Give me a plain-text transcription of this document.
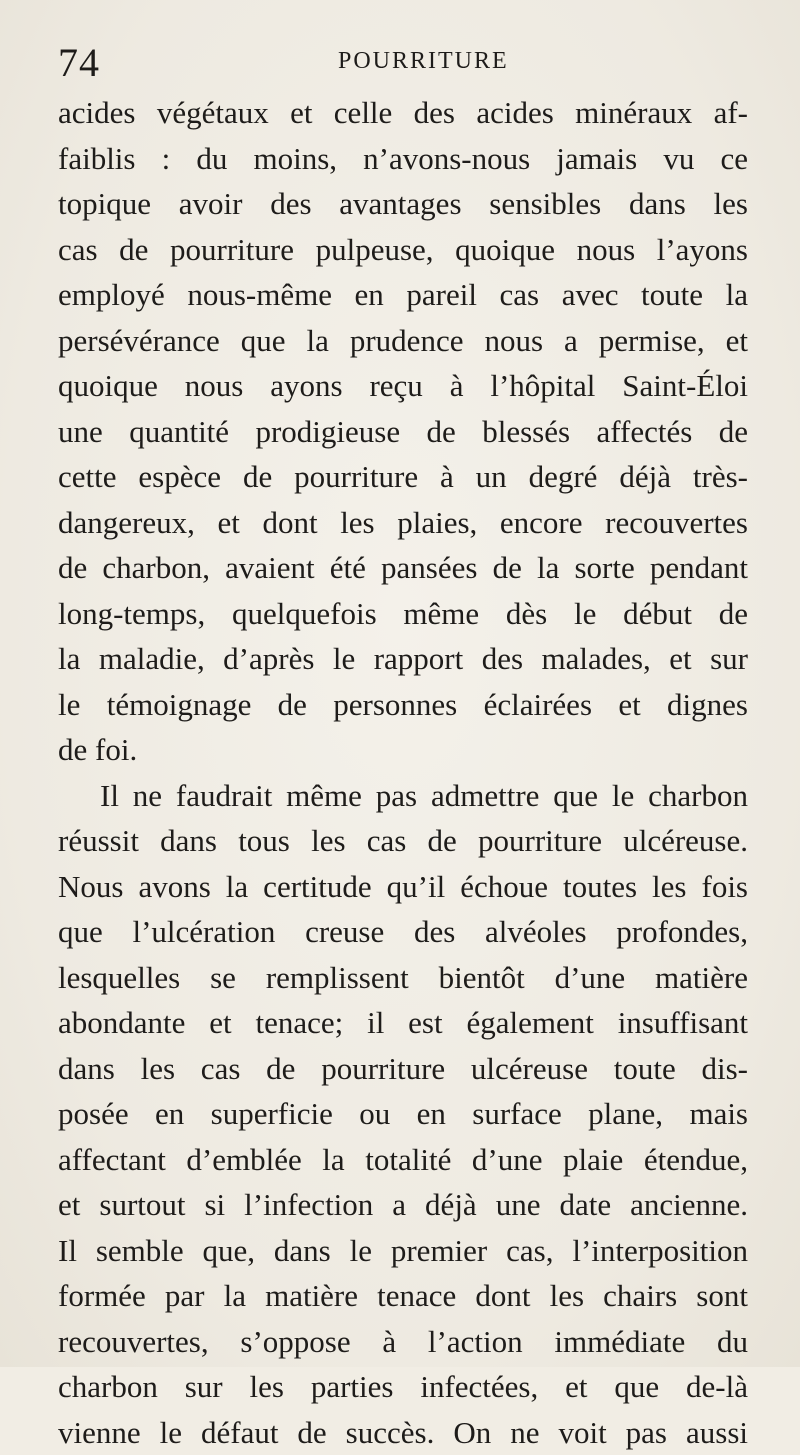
74	POURRITURE
acides végétaux et celle des acides minéraux af-
faiblis : du moins, n’avons-nous jamais vu ce
topique avoir des avantages sensibles dans les
cas de pourriture pulpeuse, quoique nous l’ayons
employé nous-même en pareil cas avec toute la
persévérance que la prudence nous a permise, et
quoique nous ayons reçu à l’hôpital Saint-Éloi
une quantité prodigieuse de blessés affectés de
cette espèce de pourriture à un degré déjà très-
dangereux, et dont les plaies, encore recouvertes
de charbon, avaient été pansées de la sorte pendant
long-temps, quelquefois même dès le début de
la maladie, d’après le rapport des malades, et sur
le témoignage de personnes éclairées et dignes
de foi.
Il ne faudrait même pas admettre que le charbon
réussit dans tous les cas de pourriture ulcéreuse.
Nous avons la certitude qu’il échoue toutes les fois
que l’ulcération creuse des alvéoles profondes,
lesquelles se remplissent bientôt d’une matière
abondante et tenace; il est également insuffisant
dans les cas de pourriture ulcéreuse toute dis-
posée en superficie ou en surface plane, mais
affectant d’emblée la totalité d’une plaie étendue,
et surtout si l’infection a déjà une date ancienne.
Il semble que, dans le premier cas, l’interposition
formée par la matière tenace dont les chairs sont
recouvertes, s’oppose à l’action immédiate du
charbon sur les parties infectées, et que de-là
vienne le défaut de succès. On ne voit pas aussi
